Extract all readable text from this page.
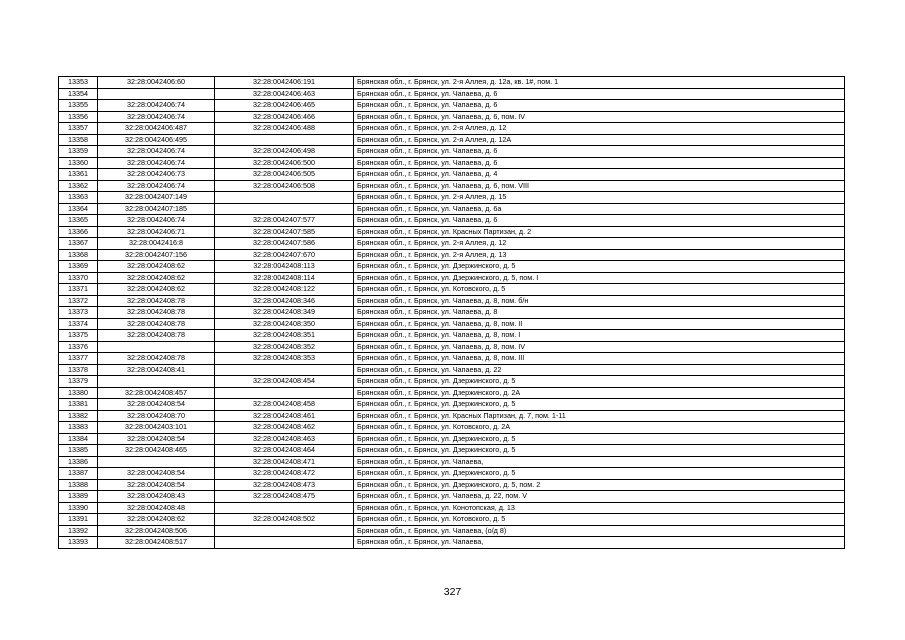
13353	32:28:0042406:60	32:28:0042406:191	Брянская обл., г. Брянск, ул. 2-я Аллея, д. 12а, кв. 1#, пом. 1
13354		32:28:0042406:463	Брянская обл., г. Брянск, ул. Чапаева, д. 6
13355	32:28:0042406:74	32:28:0042406:465	Брянская обл., г. Брянск, ул. Чапаева, д. 6
13356	32:28:0042406:74	32:28:0042406:466	Брянская обл., г. Брянск, ул. Чапаева, д. 6, пом. IV
13357	32:28:0042406:487	32:28:0042406:488	Брянская обл., г. Брянск, ул. 2-я Аллея, д. 12
13358	32:28:0042406:495		Брянская обл., г. Брянск, ул. 2-я Аллея, д. 12А
13359	32:28:0042406:74	32:28:0042406:498	Брянская обл., г. Брянск, ул. Чапаева, д. 6
13360	32:28:0042406:74	32:28:0042406:500	Брянская обл., г. Брянск, ул. Чапаева, д. 6
13361	32:28:0042406:73	32:28:0042406:505	Брянская обл., г. Брянск, ул. Чапаева, д. 4
13362	32:28:0042406:74	32:28:0042406:508	Брянская обл., г. Брянск, ул. Чапаева, д. 6, пом. VIII
13363	32:28:0042407:149		Брянская обл., г. Брянск, ул. 2-я Аллея, д. 15
13364	32:28:0042407:185		Брянская обл., г. Брянск, ул. Чапаева, д. 6а
13365	32:28:0042406:74	32:28:0042407:577	Брянская обл., г. Брянск, ул. Чапаева, д. 6
13366	32:28:0042406:71	32:28:0042407:585	Брянская обл., г. Брянск, ул. Красных Партизан, д. 2
13367	32:28:0042416:8	32:28:0042407:586	Брянская обл., г. Брянск, ул. 2-я Аллея, д. 12
13368	32:28:0042407:156	32:28:0042407:670	Брянская обл., г. Брянск, ул. 2-я Аллея, д. 13
13369	32:28:0042408:62	32:28:0042408:113	Брянская обл., г. Брянск, ул. Дзержинского, д. 5
13370	32:28:0042408:62	32:28:0042408:114	Брянская обл., г. Брянск, ул. Дзержинского, д. 5, пом. I
13371	32:28:0042408:62	32:28:0042408:122	Брянская обл., г. Брянск, ул. Котовского, д. 5
13372	32:28:0042408:78	32:28:0042408:346	Брянская обл., г. Брянск, ул. Чапаева, д. 8, пом. б/н
13373	32:28:0042408:78	32:28:0042408:349	Брянская обл., г. Брянск, ул. Чапаева, д. 8
13374	32:28:0042408:78	32:28:0042408:350	Брянская обл., г. Брянск, ул. Чапаева, д. 8, пом. II
13375	32:28:0042408:78	32:28:0042408:351	Брянская обл., г. Брянск, ул. Чапаева, д. 8, пом. I
13376		32:28:0042408:352	Брянская обл., г. Брянск, ул. Чапаева, д. 8, пом. IV
13377	32:28:0042408:78	32:28:0042408:353	Брянская обл., г. Брянск, ул. Чапаева, д. 8, пом. III
13378	32:28:0042408:41		Брянская обл., г. Брянск, ул. Чапаева, д. 22
13379		32:28:0042408:454	Брянская обл., г. Брянск, ул. Дзержинского, д. 5
13380	32:28:0042408:457		Брянская обл., г. Брянск, ул. Дзержинского, д. 2А
13381	32:28:0042408:54	32:28:0042408:458	Брянская обл., г. Брянск, ул. Дзержинского, д. 5
13382	32:28:0042408:70	32:28:0042408:461	Брянская обл., г. Брянск, ул. Красных Партизан, д. 7, пом. 1-11
13383	32:28:0042403:101	32:28:0042408:462	Брянская обл., г. Брянск, ул. Котовского, д. 2А
13384	32:28:0042408:54	32:28:0042408:463	Брянская обл., г. Брянск, ул. Дзержинского, д. 5
13385	32:28:0042408:465	32:28:0042408:464	Брянская обл., г. Брянск, ул. Дзержинского, д. 5
13386		32:28:0042408:471	Брянская обл., г. Брянск, ул. Чапаева,
13387	32:28:0042408:54	32:28:0042408:472	Брянская обл., г. Брянск, ул. Дзержинского, д. 5
13388	32:28:0042408:54	32:28:0042408:473	Брянская обл., г. Брянск, ул. Дзержинского, д. 5, пом. 2
13389	32:28:0042408:43	32:28:0042408:475	Брянская обл., г. Брянск, ул. Чапаева, д. 22, пом. V
13390	32:28:0042408:48		Брянская обл., г. Брянск, ул. Конотопская, д. 13
13391	32:28:0042408:62	32:28:0042408:502	Брянская обл., г. Брянск, ул. Котовского, д. 5
13392	32:28:0042408:506		Брянская обл., г. Брянск, ул. Чапаева, (о/д 8)
13393	32:28:0042408:517		Брянская обл., г. Брянск, ул. Чапаева,
327
